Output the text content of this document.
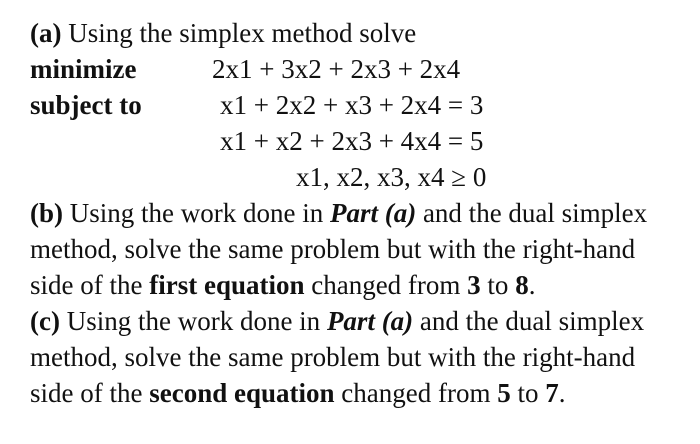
(a) Using the simplex method solve
minimize	2x1 + 3x2 + 2x3 + 2x4
subject to	x1 + 2x2 + x3 + 2x4 = 3
x1 + x2 + 2x3 + 4x4 = 5
x1, x2, x3, x4 ≥ 0
(b) Using the work done in Part (a) and the dual simplex
method, solve the same problem but with the right-hand
side of the first equation changed from 3 to 8.
(c) Using the work done in Part (a) and the dual simplex
method, solve the same problem but with the right-hand
side of the second equation changed from 5 to 7.
